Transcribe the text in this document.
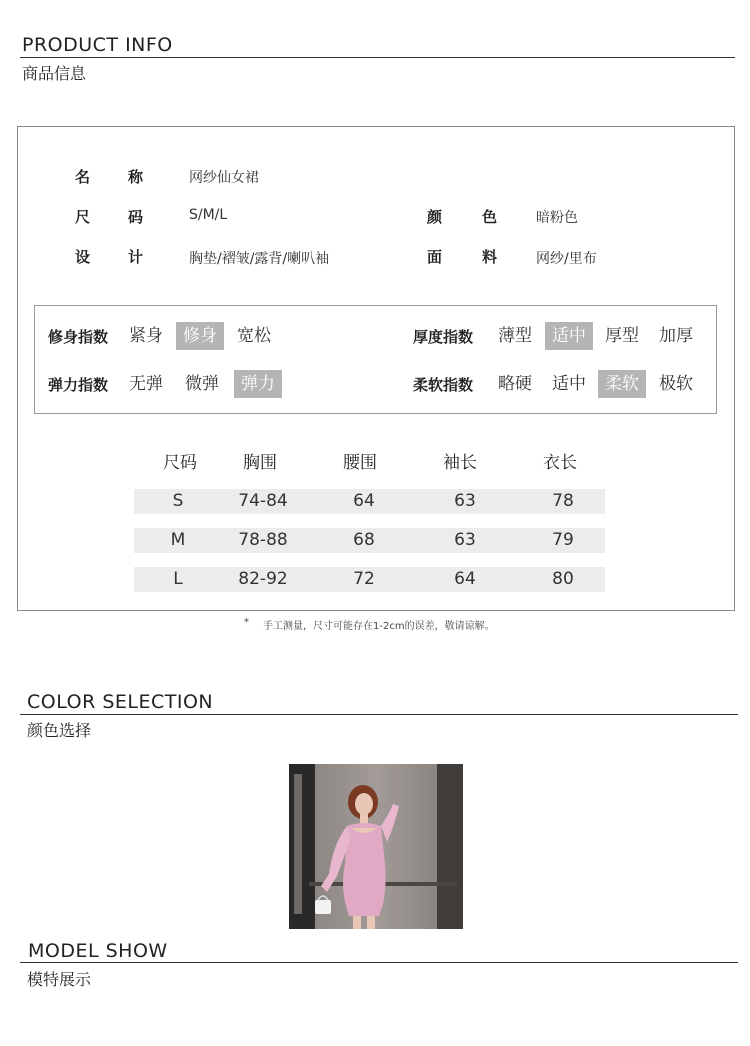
PRODUCT INFO
商品信息
名	称	网纱仙女裙
尺	码	S/M/L	颜	色	暗粉色
设	计	胸垫/褶皱/露背/喇叭袖	面	料	网纱/里布
修身指数	紧身	修身	宽松	厚度指数	薄型	适中	厚型	加厚
弹力指数	无弹	微弹	弹力	柔软指数	略硬	适中	柔软	极软
尺码	胸围	腰围	袖长	衣长
S	74-84	64	63	78
M	78-88	68	63	79
L	82-92	72	64	80
* 手工测量，尺寸可能存在1-2cm的误差，敬请谅解。
COLOR SELECTION
颜色选择
MODEL SHOW
模特展示
